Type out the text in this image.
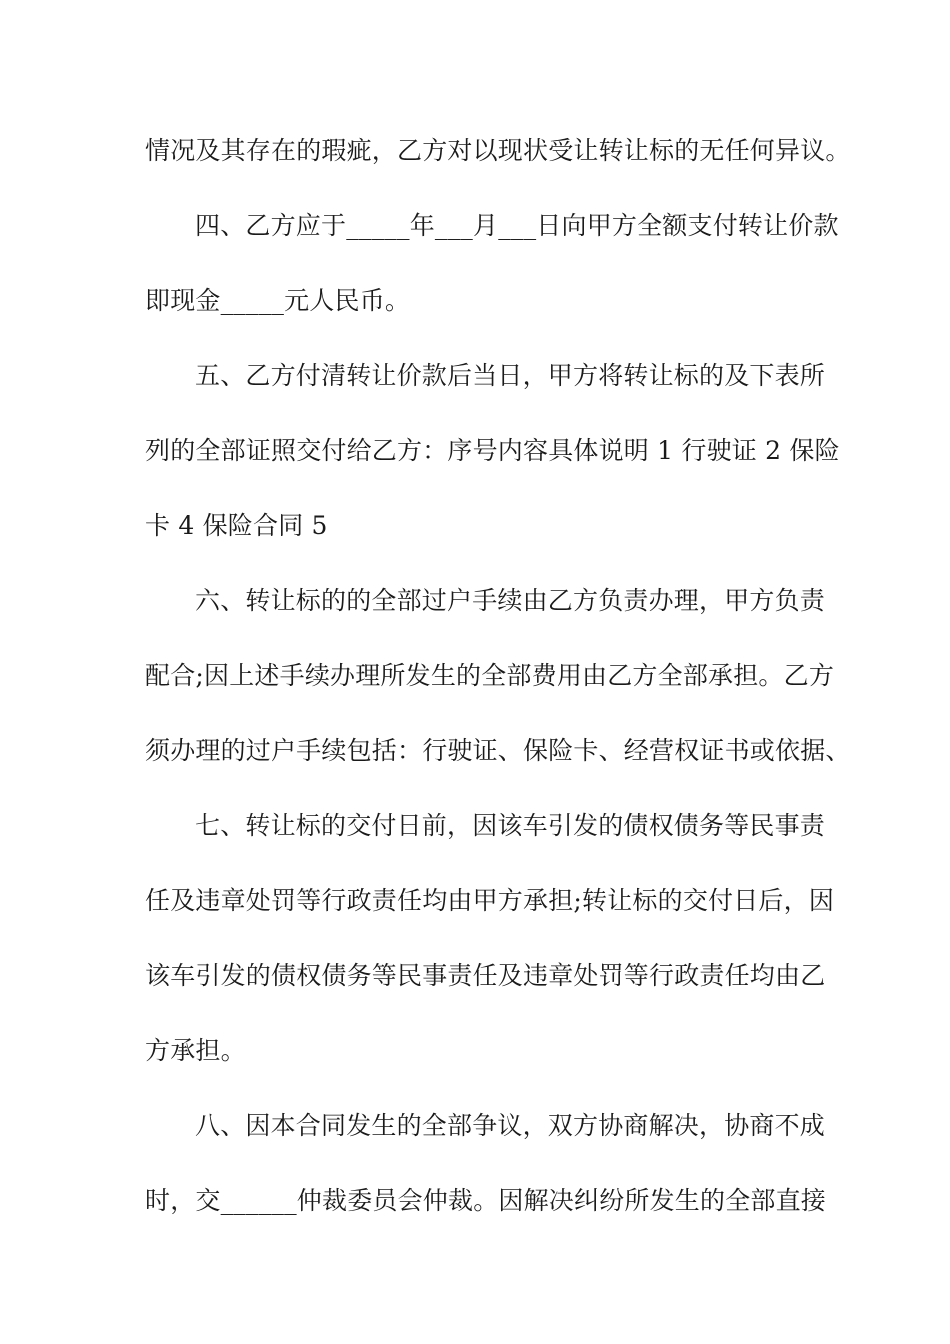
情况及其存在的瑕疵，乙方对以现状受让转让标的无任何异议。
四、乙方应于_____年___月___日向甲方全额支付转让价款
即现金_____元人民币。
五、乙方付清转让价款后当日，甲方将转让标的及下表所
列的全部证照交付给乙方：序号内容具体说明 1 行驶证 2 保险
卡 4 保险合同 5
六、转让标的的全部过户手续由乙方负责办理，甲方负责
配合;因上述手续办理所发生的全部费用由乙方全部承担。乙方
须办理的过户手续包括：行驶证、保险卡、经营权证书或依据、
七、转让标的交付日前，因该车引发的债权债务等民事责
任及违章处罚等行政责任均由甲方承担;转让标的交付日后，因
该车引发的债权债务等民事责任及违章处罚等行政责任均由乙
方承担。
八、因本合同发生的全部争议，双方协商解决，协商不成
时，交______仲裁委员会仲裁。因解决纠纷所发生的全部直接
